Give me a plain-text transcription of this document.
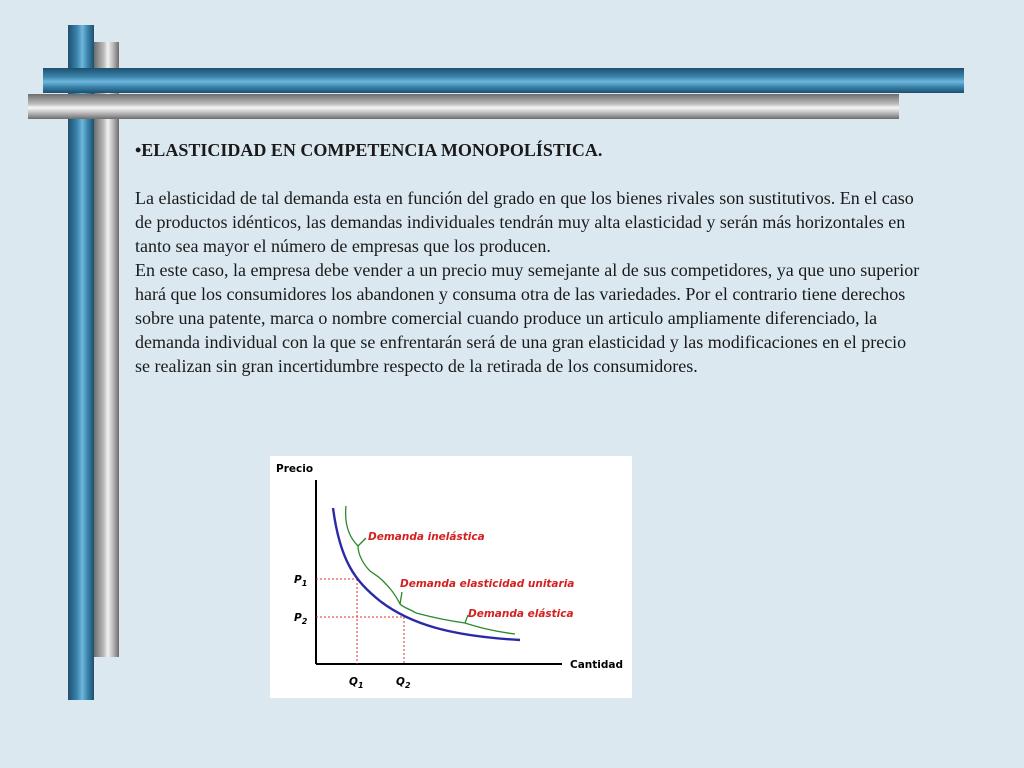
•ELASTICIDAD EN COMPETENCIA MONOPOLÍSTICA.

La elasticidad de tal demanda esta en función del grado en que los bienes rivales son sustitutivos. En el caso de productos idénticos, las demandas individuales tendrán muy alta elasticidad y serán más horizontales en tanto sea mayor el número de empresas que los producen.

En este caso, la empresa debe vender a un precio muy semejante al de sus competidores, ya que uno superior hará que los consumidores los abandonen y consuma otra de las variedades. Por el contrario tiene derechos sobre una patente, marca o nombre comercial cuando produce un articulo ampliamente diferenciado, la demanda individual con la que se enfrentarán será de una gran elasticidad y las modificaciones en el precio se realizan sin gran incertidumbre respecto de la retirada de los consumidores.

Precio
Cantidad
$P_1$
$P_2$
$Q_1$	$Q_2$
Demanda inelástica
Demanda elasticidad unitaria
Demanda elástica
